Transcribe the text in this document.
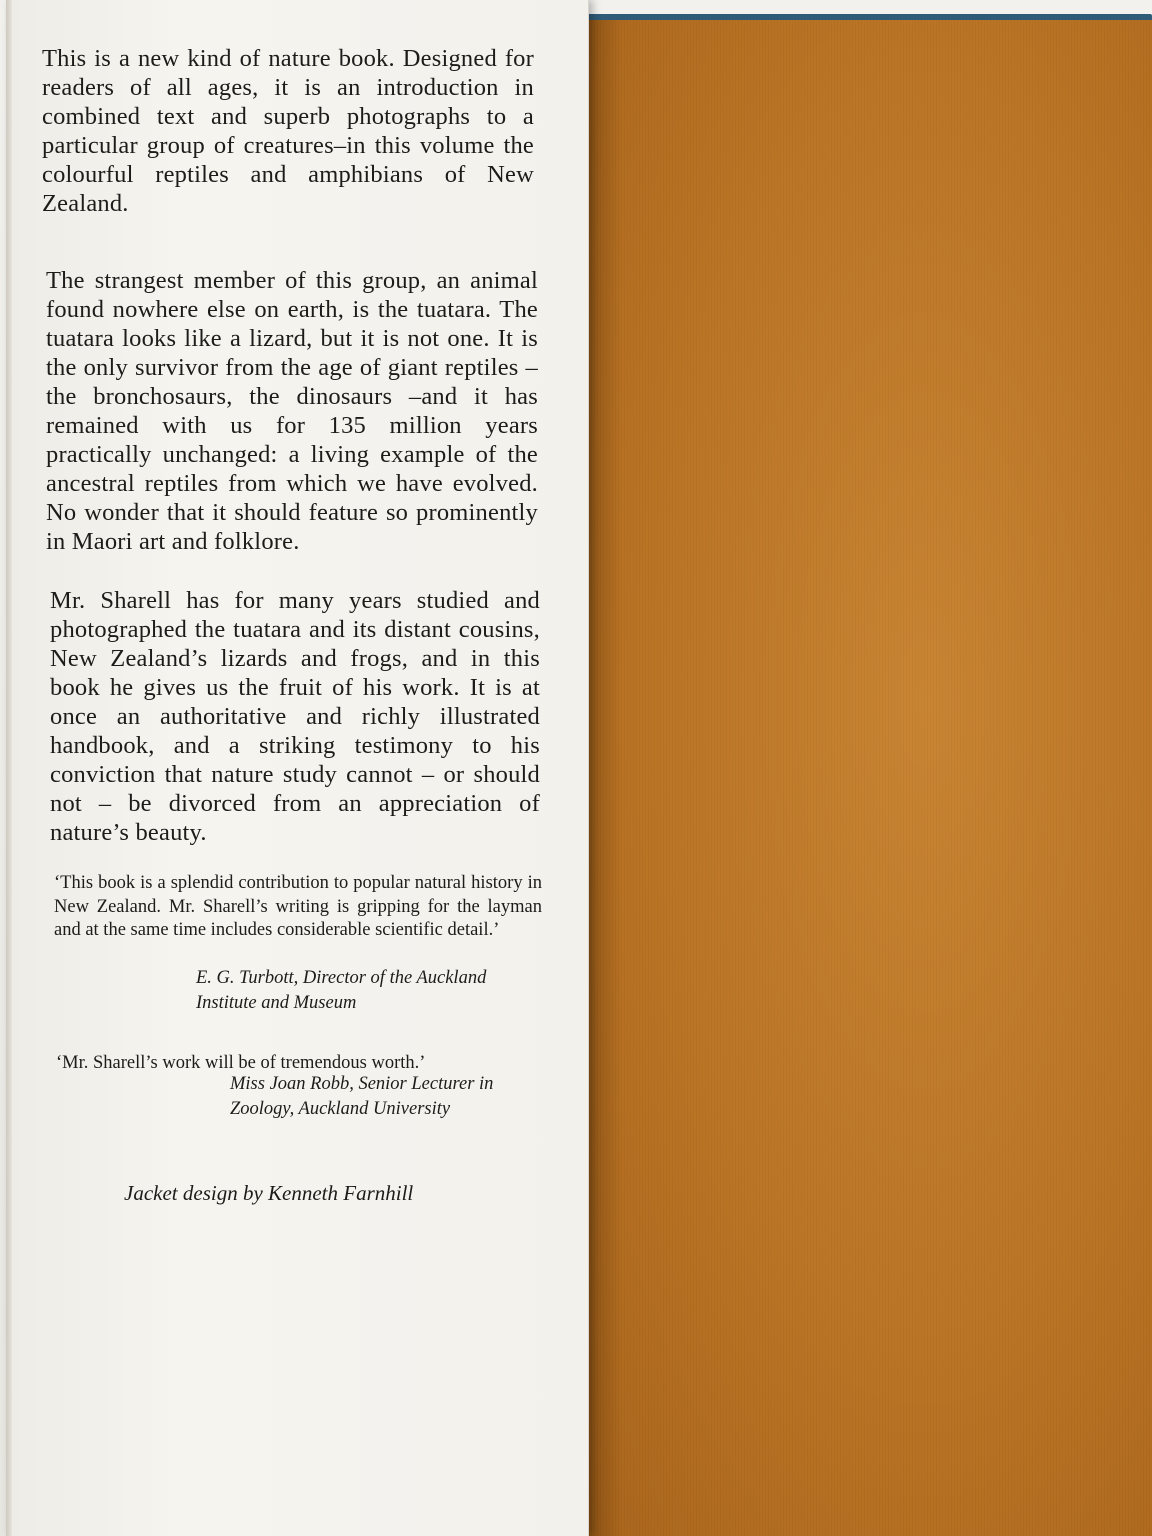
This is a new kind of nature book. Designed for readers of all ages, it is an introduction in combined text and superb photographs to a particular group of creatures–in this volume the colourful reptiles and amphibians of New Zealand.

The strangest member of this group, an animal found nowhere else on earth, is the tuatara. The tuatara looks like a lizard, but it is not one. It is the only survivor from the age of giant reptiles – the bronchosaurs, the dinosaurs –and it has remained with us for 135 million years practically unchanged: a living example of the ancestral reptiles from which we have evolved. No wonder that it should feature so prominently in Maori art and folklore.

Mr. Sharell has for many years studied and photographed the tuatara and its distant cousins, New Zealand’s lizards and frogs, and in this book he gives us the fruit of his work. It is at once an authoritative and richly illustrated handbook, and a striking testimony to his conviction that nature study cannot – or should not – be divorced from an appreciation of nature’s beauty.

‘This book is a splendid contribution to popular natural history in New Zealand. Mr. Sharell’s writing is gripping for the layman and at the same time includes considerable scientific detail.’

E. G. Turbott, Director of the Auckland
Institute and Museum

‘Mr. Sharell’s work will be of tremendous worth.’

Miss Joan Robb, Senior Lecturer in
Zoology, Auckland University

Jacket design by Kenneth Farnhill
